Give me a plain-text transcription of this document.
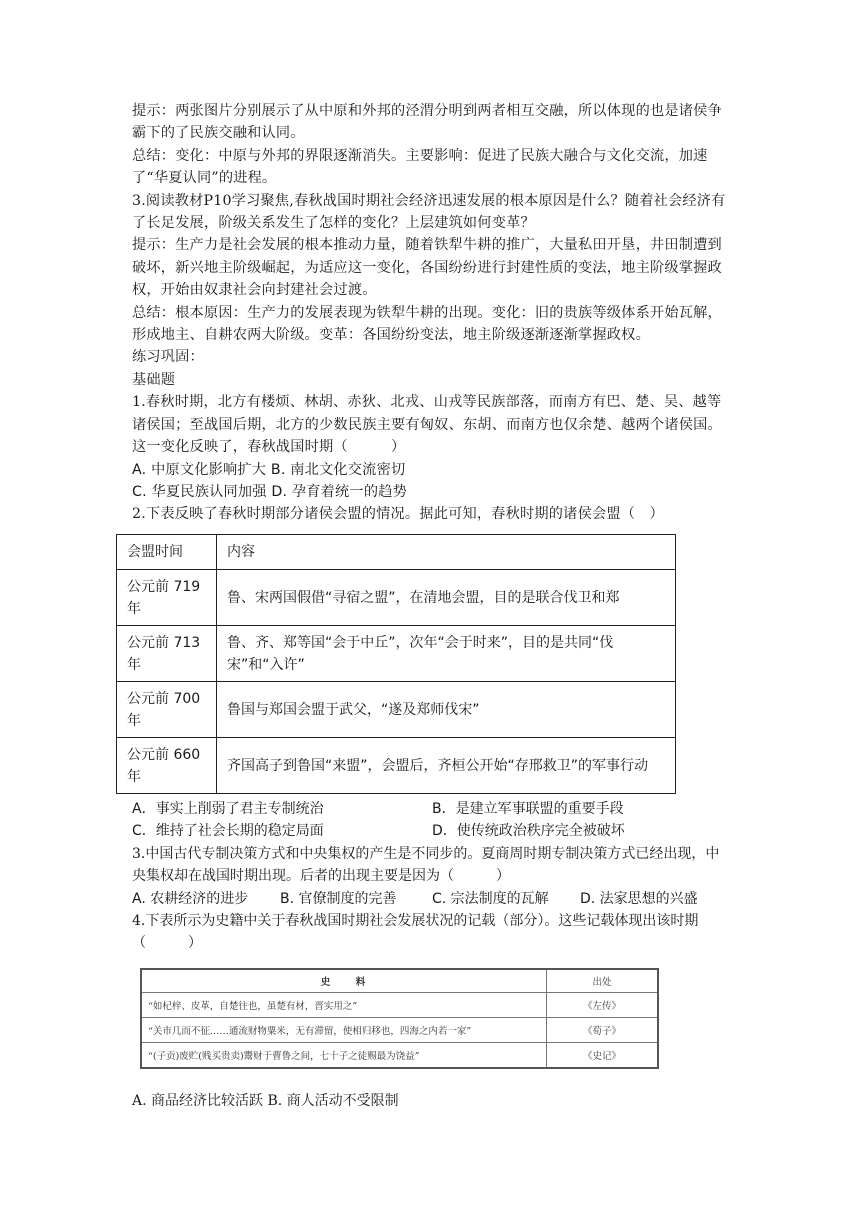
提示：两张图片分别展示了从中原和外邦的泾渭分明到两者相互交融，所以体现的也是诸侯争霸下的了民族交融和认同。

总结：变化：中原与外邦的界限逐渐消失。主要影响：促进了民族大融合与文化交流，加速了“华夏认同”的进程。

3.阅读教材P10学习聚焦,春秋战国时期社会经济迅速发展的根本原因是什么？随着社会经济有了长足发展，阶级关系发生了怎样的变化？上层建筑如何变革？

提示：生产力是社会发展的根本推动力量，随着铁犁牛耕的推广，大量私田开垦，井田制遭到破坏，新兴地主阶级崛起，为适应这一变化，各国纷纷进行封建性质的变法，地主阶级掌握政权，开始由奴隶社会向封建社会过渡。

总结：根本原因：生产力的发展表现为铁犁牛耕的出现。变化：旧的贵族等级体系开始瓦解，形成地主、自耕农两大阶级。变革：各国纷纷变法，地主阶级逐渐逐渐掌握政权。

练习巩固：

基础题

1.春秋时期，北方有楼烦、林胡、赤狄、北戎、山戎等民族部落，而南方有巴、楚、吴、越等诸侯国；至战国后期，北方的少数民族主要有匈奴、东胡、而南方也仅余楚、越两个诸侯国。这一变化反映了，春秋战国时期（　　　）

A. 中原文化影响扩大 B. 南北文化交流密切

C. 华夏民族认同加强 D. 孕育着统一的趋势

2.下表反映了春秋时期部分诸侯会盟的情况。据此可知，春秋时期的诸侯会盟（　）

会盟时间	内容
公元前 719 年	鲁、宋两国假借“寻宿之盟”，在清地会盟，目的是联合伐卫和郑
公元前 713 年	鲁、齐、郑等国“会于中丘”，次年“会于时来”，目的是共同“伐宋”和“入许”
公元前 700 年	鲁国与郑国会盟于武父，“遂及郑师伐宋”
公元前 660 年	齐国高子到鲁国“来盟”，会盟后，齐桓公开始“存邢救卫”的军事行动
A．事实上削弱了君主专制统治	B．是建立军事联盟的重要手段
C．维持了社会长期的稳定局面	D．使传统政治秩序完全被破坏
3.中国古代专制决策方式和中央集权的产生是不同步的。夏商周时期专制决策方式已经出现，中央集权却在战国时期出现。后者的出现主要是因为（　　　）
A. 农耕经济的进步 B. 官僚制度的完善	C. 宗法制度的瓦解 D. 法家思想的兴盛
4.下表所示为史籍中关于春秋战国时期社会发展状况的记载（部分）。这些记载体现出该时期（　　　）
史　料	出处
“如杞梓、皮革，自楚往也，虽楚有材，晋实用之”	《左传》
“关市几而不征……通流财物粟米，无有滞留，使相归移也，四海之内若一家”	《荀子》
“(子贡)废贮(贱买贵卖)鬻财于曹鲁之间，七十子之徒赐最为饶益”	《史记》
A. 商品经济比较活跃 B. 商人活动不受限制
